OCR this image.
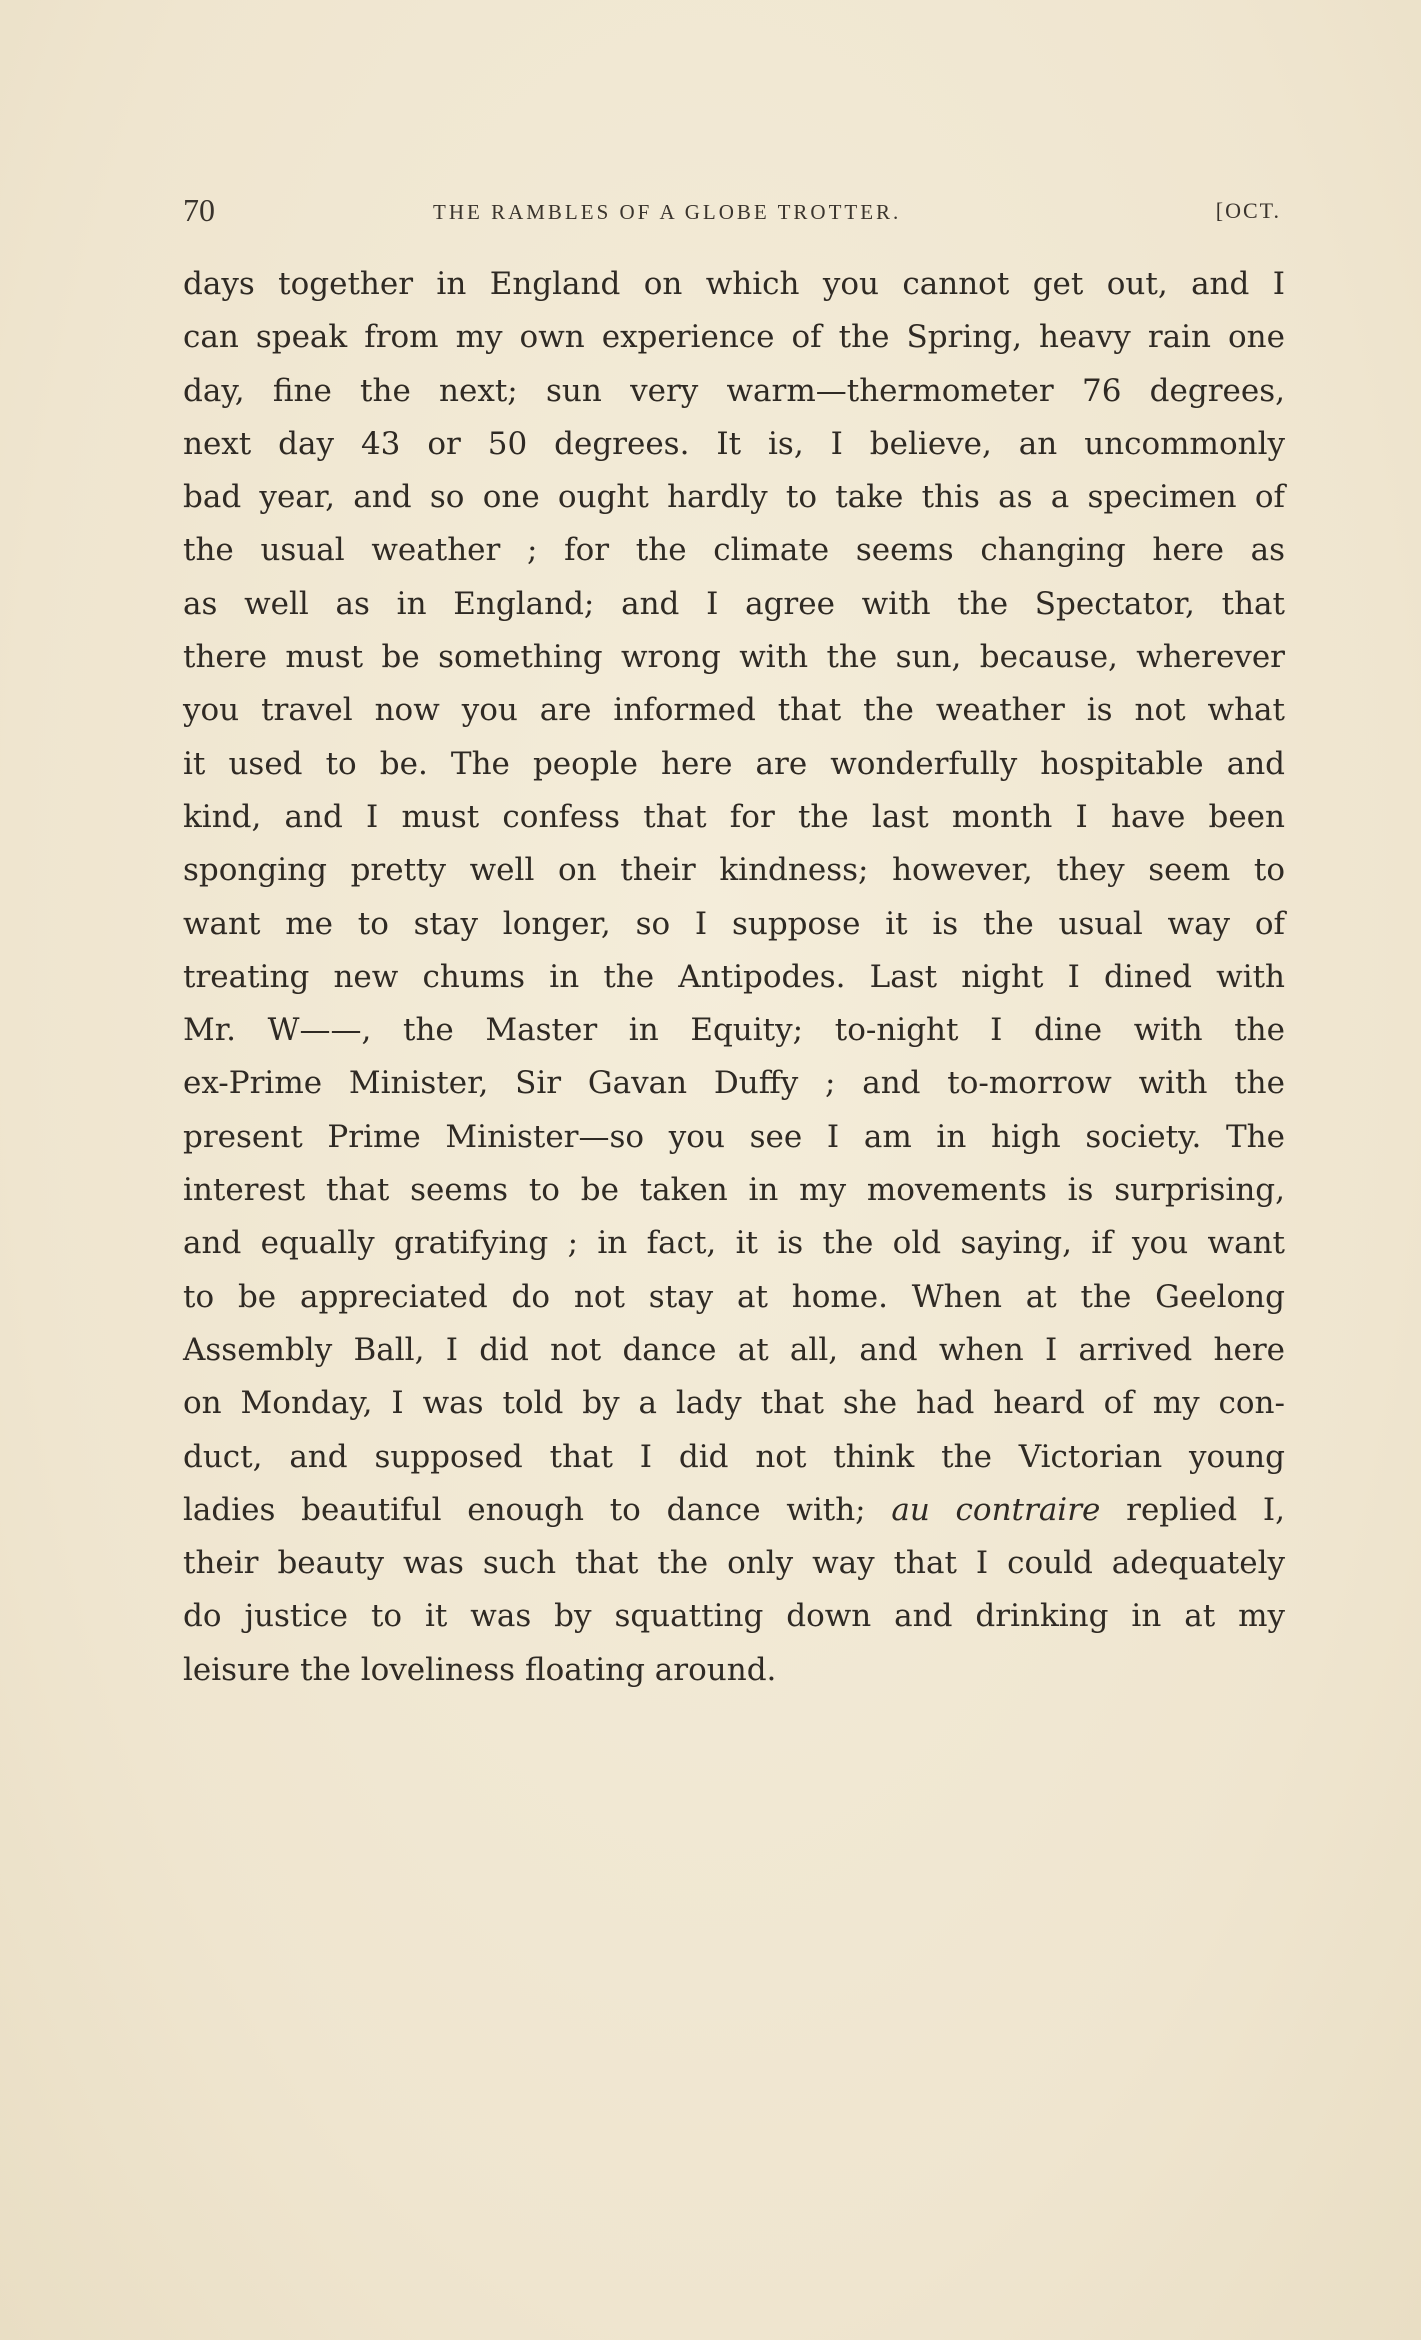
70	THE RAMBLES OF A GLOBE TROTTER.	[OCT.
days together in England on which you cannot get out, and I
can speak from my own experience of the Spring, heavy rain one
day, fine the next; sun very warm—thermometer 76 degrees,
next day 43 or 50 degrees. It is, I believe, an uncommonly
bad year, and so one ought hardly to take this as a specimen of
the usual weather ; for the climate seems changing here as
as well as in England; and I agree with the Spectator, that
there must be something wrong with the sun, because, wherever
you travel now you are informed that the weather is not what
it used to be. The people here are wonderfully hospitable and
kind, and I must confess that for the last month I have been
sponging pretty well on their kindness; however, they seem to
want me to stay longer, so I suppose it is the usual way of
treating new chums in the Antipodes. Last night I dined with
Mr. W——, the Master in Equity; to-night I dine with the
ex-Prime Minister, Sir Gavan Duffy ; and to-morrow with the
present Prime Minister—so you see I am in high society. The
interest that seems to be taken in my movements is surprising,
and equally gratifying ; in fact, it is the old saying, if you want
to be appreciated do not stay at home. When at the Geelong
Assembly Ball, I did not dance at all, and when I arrived here
on Monday, I was told by a lady that she had heard of my con-
duct, and supposed that I did not think the Victorian young
ladies beautiful enough to dance with; au contraire replied I,
their beauty was such that the only way that I could adequately
do justice to it was by squatting down and drinking in at my
leisure the loveliness floating around.
